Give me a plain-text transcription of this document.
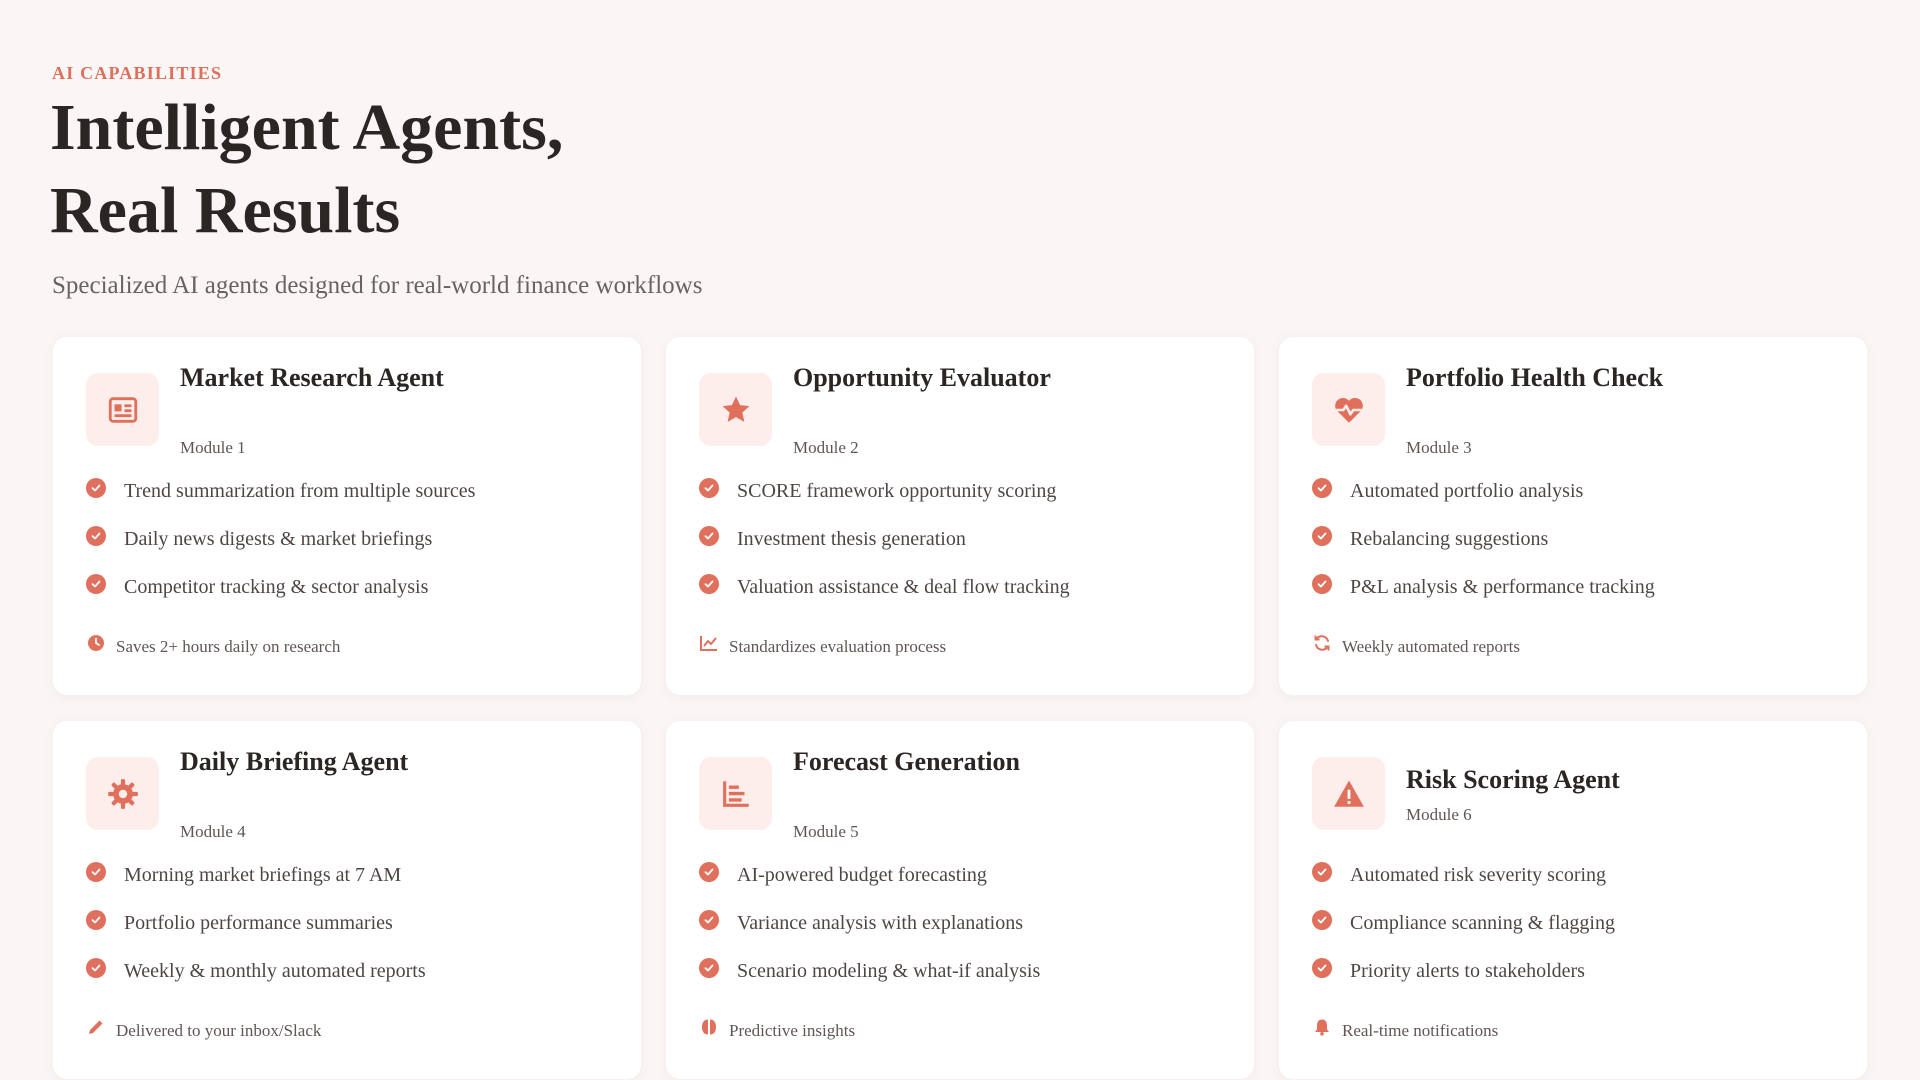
AI CAPABILITIES
Intelligent Agents,
Real Results

Specialized AI agents designed for real-world finance workflows

Market Research Agent
Module 1
Trend summarization from multiple sources
Daily news digests & market briefings
Competitor tracking & sector analysis
Saves 2+ hours daily on research
Opportunity Evaluator
Module 2
SCORE framework opportunity scoring
Investment thesis generation
Valuation assistance & deal flow tracking
Standardizes evaluation process
Portfolio Health Check
Module 3
Automated portfolio analysis
Rebalancing suggestions
P&L analysis & performance tracking
Weekly automated reports
Daily Briefing Agent
Module 4
Morning market briefings at 7 AM
Portfolio performance summaries
Weekly & monthly automated reports
Delivered to your inbox/Slack
Forecast Generation
Module 5
AI-powered budget forecasting
Variance analysis with explanations
Scenario modeling & what-if analysis
Predictive insights
Risk Scoring Agent
Module 6
Automated risk severity scoring
Compliance scanning & flagging
Priority alerts to stakeholders
Real-time notifications
